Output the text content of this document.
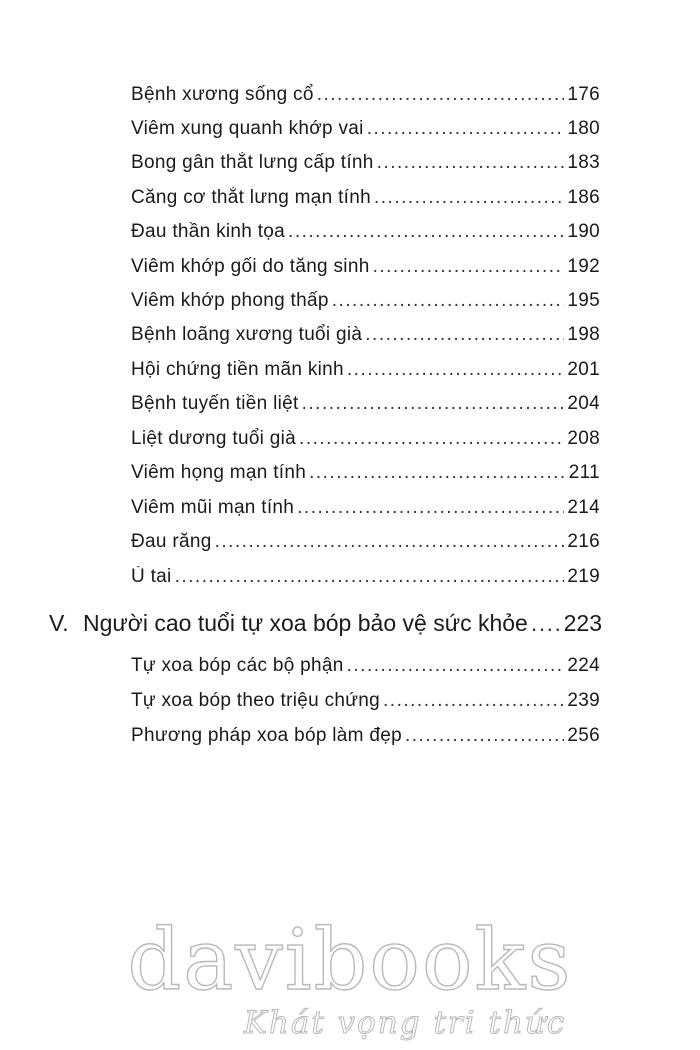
Bệnh xương sống cổ .....	176
Viêm xung quanh khớp vai .....	180
Bong gân thắt lưng cấp tính .....	183
Căng cơ thắt lưng mạn tính .....	186
Đau thần kinh tọa .....	190
Viêm khớp gối do tăng sinh .....	192
Viêm khớp phong thấp .....	195
Bệnh loãng xương tuổi già .....	198
Hội chứng tiền mãn kinh .....	201
Bệnh tuyến tiền liệt .....	204
Liệt dương tuổi già .....	208
Viêm họng mạn tính .....	211
Viêm mũi mạn tính .....	214
Đau răng .....	216
Ù tai .....	219
V. Người cao tuổi tự xoa bóp bảo vệ sức khỏe ..... 223
Tự xoa bóp các bộ phận .....	224
Tự xoa bóp theo triệu chứng .....	239
Phương pháp xoa bóp làm đẹp .....	256
davibooks
Khát vọng tri thức
